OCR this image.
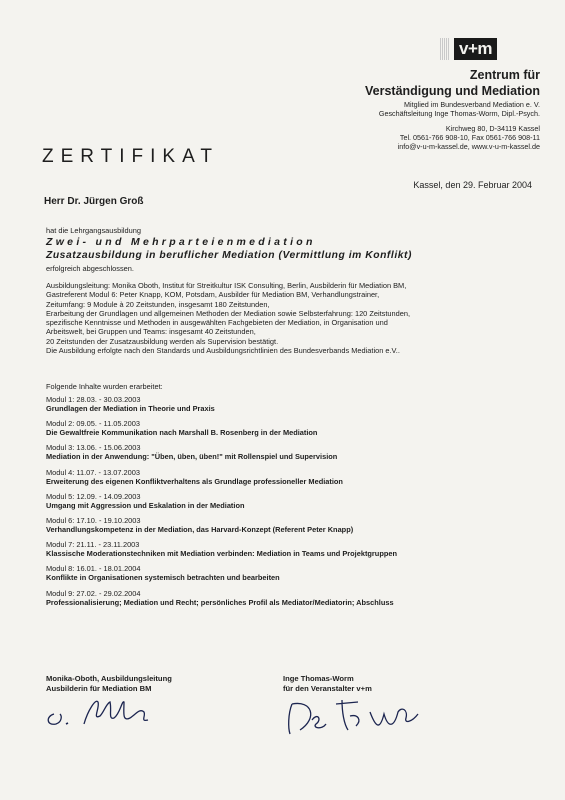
v+m
Zentrum für
Verständigung und Mediation
Mitglied im Bundesverband Mediation e. V.
Geschäftsleitung Inge Thomas-Worm, Dipl.-Psych.
Kirchweg 80, D-34119 Kassel
Tel. 0561-766 908-10, Fax 0561-766 908-11
info@v-u-m-kassel.de, www.v-u-m-kassel.de
ZERTIFIKAT
Kassel, den 29. Februar 2004
Herr Dr. Jürgen Groß
hat die Lehrgangsausbildung
Zwei- und Mehrparteienmediation
Zusatzausbildung in beruflicher Mediation (Vermittlung im Konflikt)
erfolgreich abgeschlossen.
Ausbildungsleitung: Monika Oboth, Institut für Streitkultur ISK Consulting, Berlin, Ausbilderin für Mediation BM,
Gastreferent Modul 6: Peter Knapp, KOM, Potsdam, Ausbilder für Mediation BM, Verhandlungstrainer,
Zeitumfang: 9 Module à 20 Zeitstunden, insgesamt 180 Zeitstunden,
Erarbeitung der Grundlagen und allgemeinen Methoden der Mediation sowie Selbsterfahrung: 120 Zeitstunden,
spezifische Kenntnisse und Methoden in ausgewählten Fachgebieten der Mediation, in Organisation und
Arbeitswelt, bei Gruppen und Teams: insgesamt 40 Zeitstunden,
20 Zeitstunden der Zusatzausbildung werden als Supervision bestätigt.
Die Ausbildung erfolgte nach den Standards und Ausbildungsrichtlinien des Bundesverbands Mediation e.V..
Folgende Inhalte wurden erarbeitet:
Modul 1: 28.03. - 30.03.2003
Grundlagen der Mediation in Theorie und Praxis
Modul 2: 09.05. - 11.05.2003
Die Gewaltfreie Kommunikation nach Marshall B. Rosenberg in der Mediation
Modul 3: 13.06. - 15.06.2003
Mediation in der Anwendung: "Üben, üben, üben!" mit Rollenspiel und Supervision
Modul 4: 11.07. - 13.07.2003
Erweiterung des eigenen Konfliktverhaltens als Grundlage professioneller Mediation
Modul 5: 12.09. - 14.09.2003
Umgang mit Aggression und Eskalation in der Mediation
Modul 6: 17.10. - 19.10.2003
Verhandlungskompetenz in der Mediation, das Harvard-Konzept (Referent Peter Knapp)
Modul 7: 21.11. - 23.11.2003
Klassische Moderationstechniken mit Mediation verbinden: Mediation in Teams und Projektgruppen
Modul 8: 16.01. - 18.01.2004
Konflikte in Organisationen systemisch betrachten und bearbeiten
Modul 9: 27.02. - 29.02.2004
Professionalisierung; Mediation und Recht; persönliches Profil als Mediator/Mediatorin; Abschluss
Monika-Oboth, Ausbildungsleitung
Ausbilderin für Mediation BM
Inge Thomas-Worm
für den Veranstalter v+m
